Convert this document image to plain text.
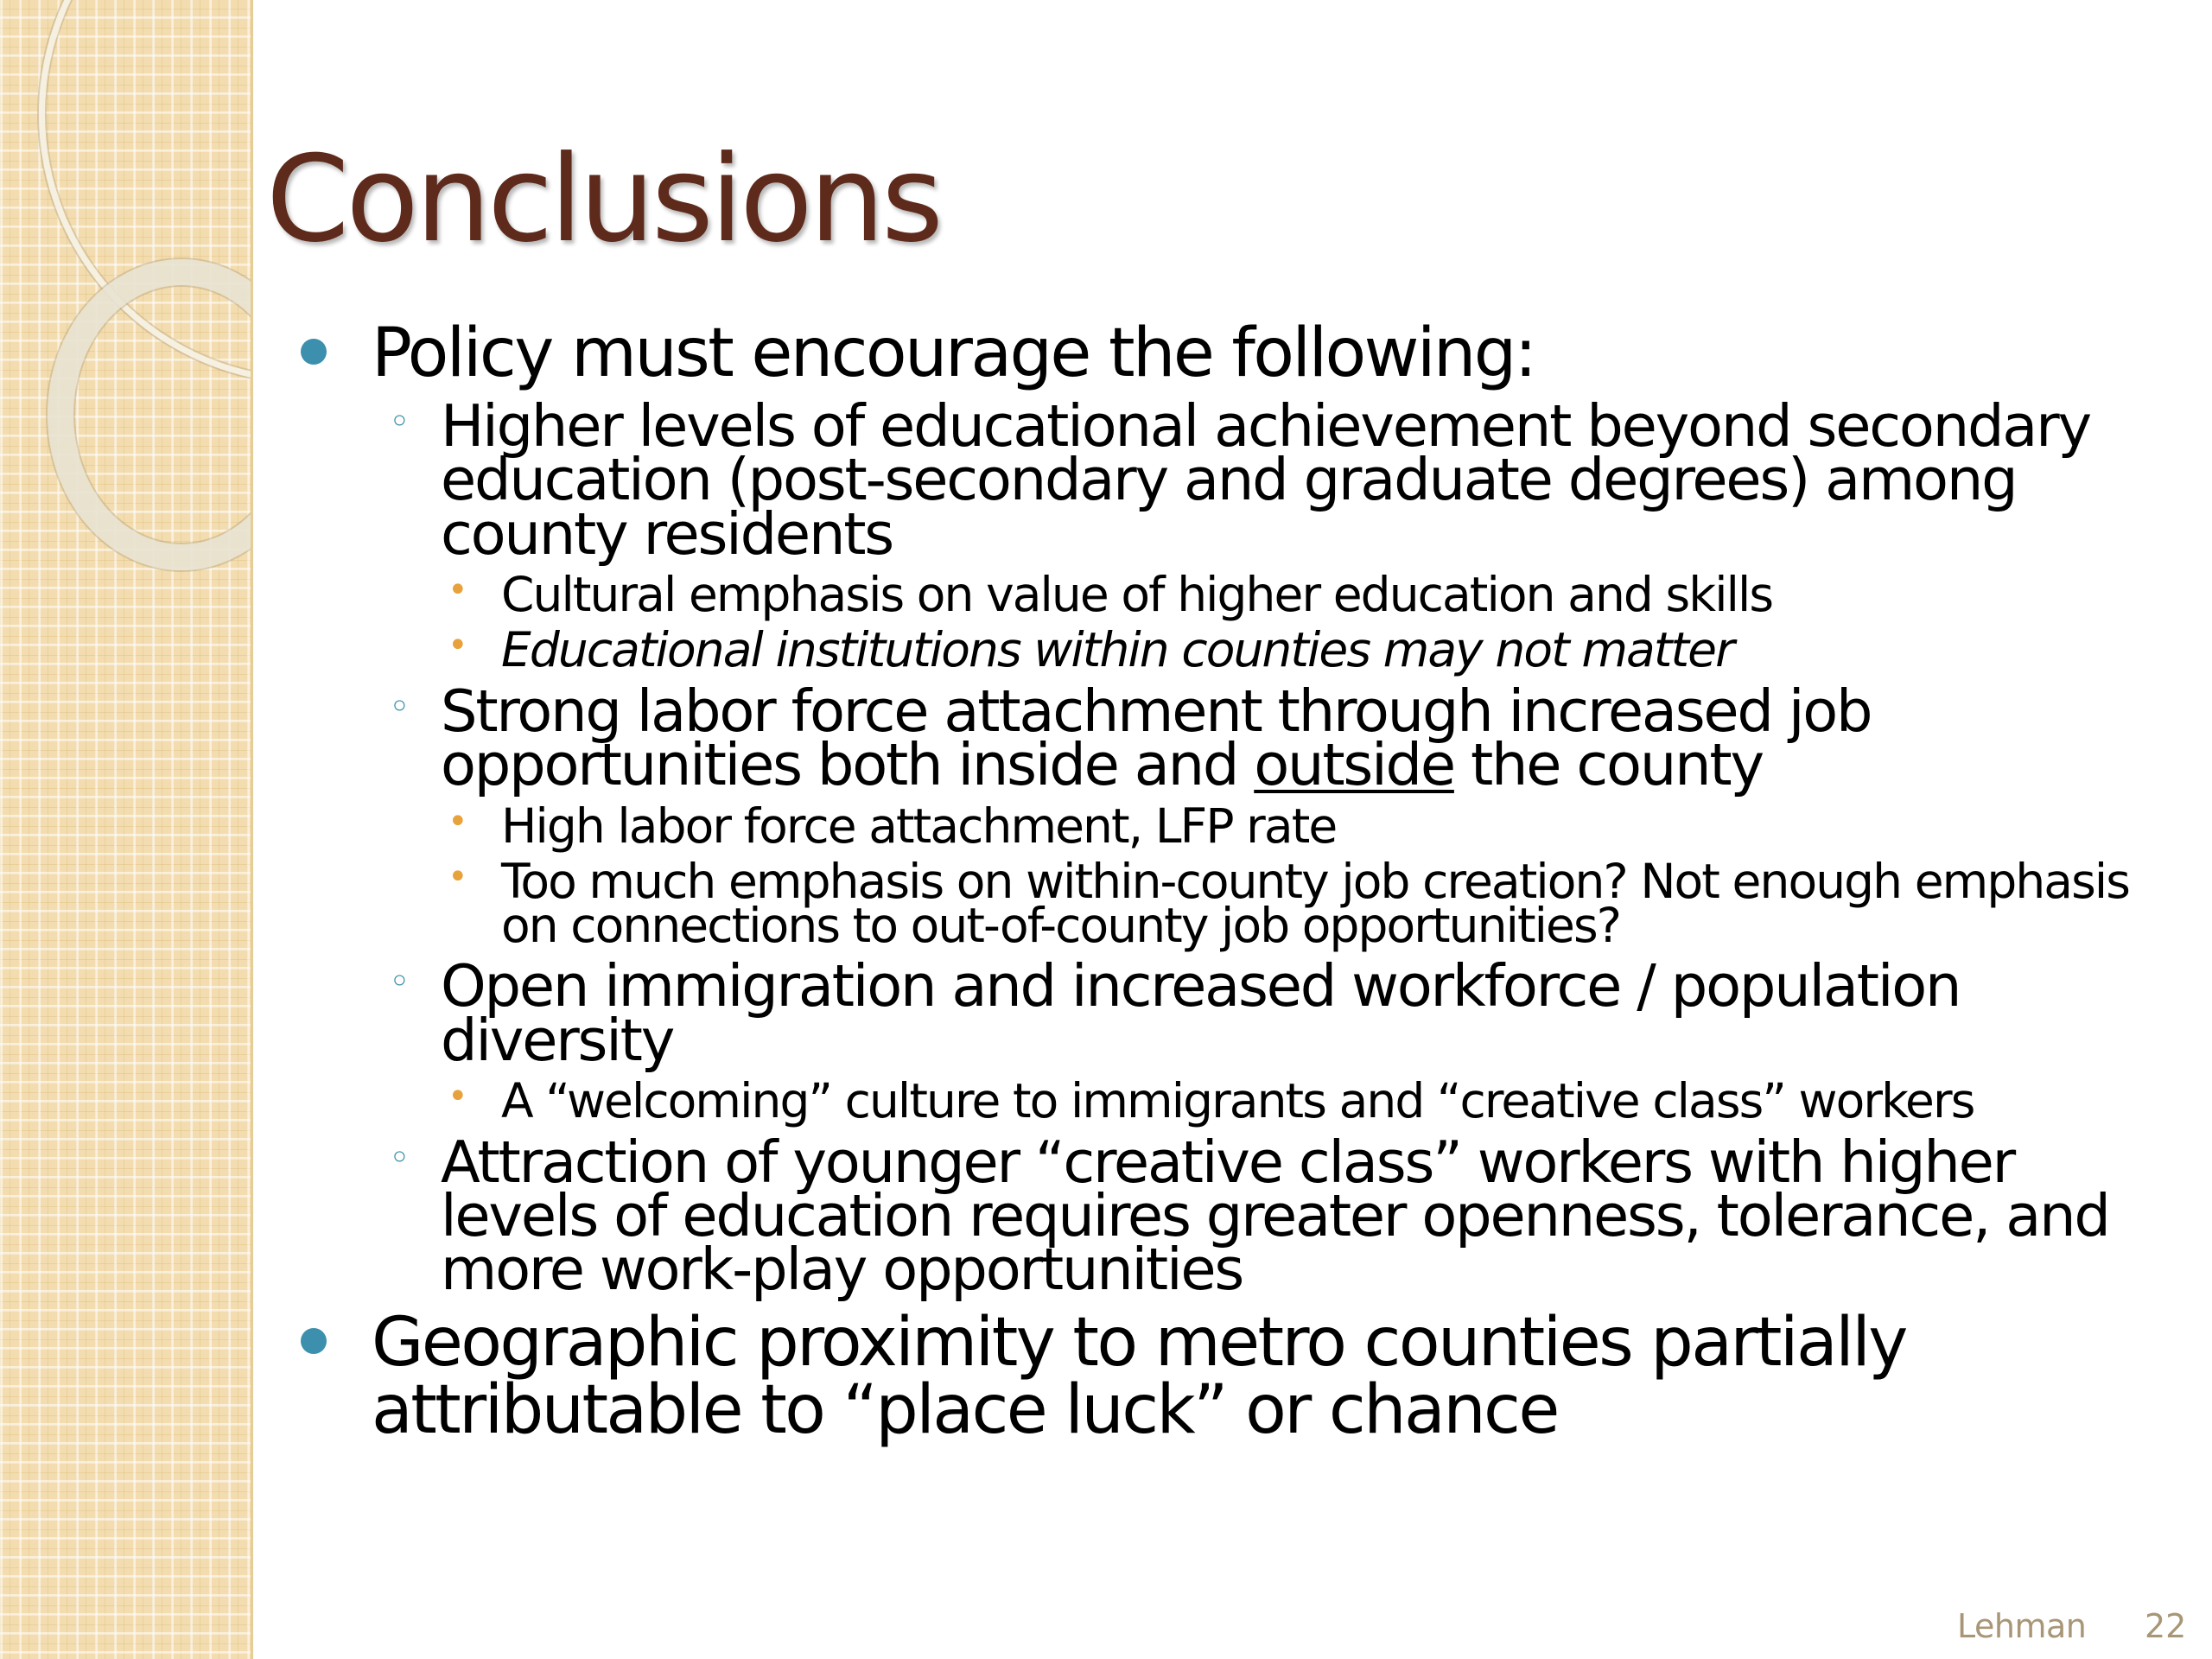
Conclusions
Policy must encourage the following:
◦ Higher levels of educational achievement beyond secondary education (post-secondary and graduate degrees) among county residents
• Cultural emphasis on value of higher education and skills
• Educational institutions within counties may not matter
◦ Strong labor force attachment through increased job opportunities both inside and outside the county
• High labor force attachment, LFP rate
• Too much emphasis on within-county job creation? Not enough emphasis on connections to out-of-county job opportunities?
◦ Open immigration and increased workforce / population diversity
• A “welcoming” culture to immigrants and “creative class” workers
◦ Attraction of younger “creative class” workers with higher levels of education requires greater openness, tolerance, and more work-play opportunities
Geographic proximity to metro counties partially attributable to “place luck” or chance
Lehman 22
